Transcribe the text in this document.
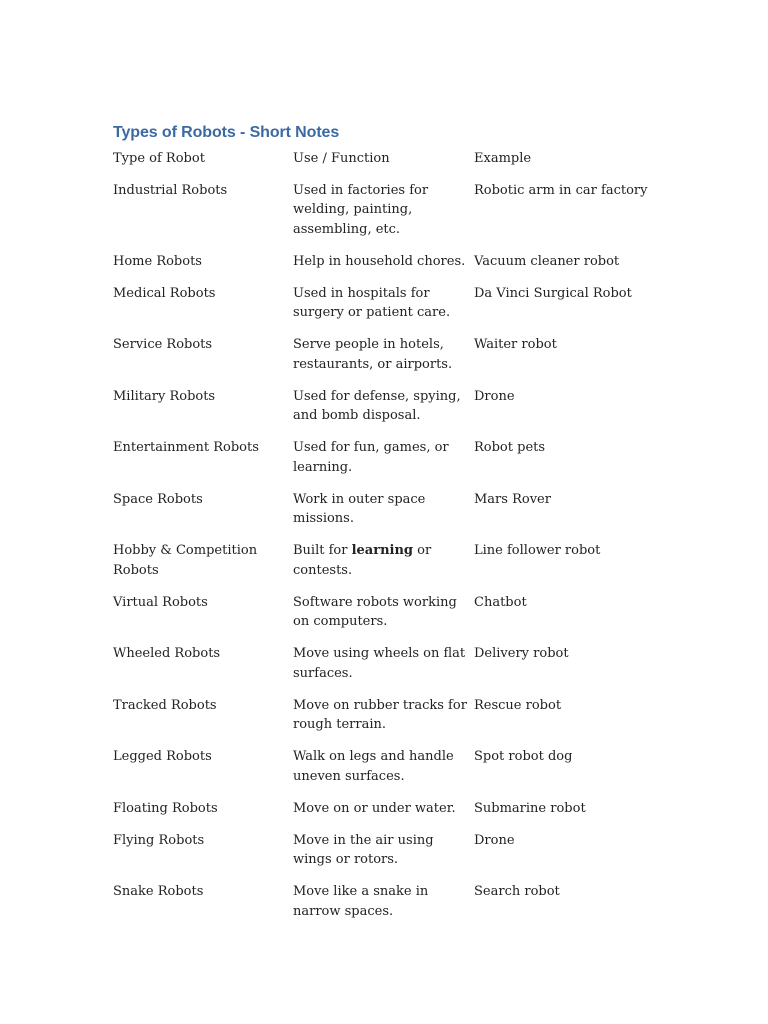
Types of Robots - Short Notes
Type of Robot	Use / Function	Example
Industrial Robots	Used in factories for welding, painting, assembling, etc.	Robotic arm in car factory
Home Robots	Help in household chores.	Vacuum cleaner robot
Medical Robots	Used in hospitals for surgery or patient care.	Da Vinci Surgical Robot
Service Robots	Serve people in hotels, restaurants, or airports.	Waiter robot
Military Robots	Used for defense, spying, and bomb disposal.	Drone
Entertainment Robots	Used for fun, games, or learning.	Robot pets
Space Robots	Work in outer space missions.	Mars Rover
Hobby & Competition Robots	Built for learning or contests.	Line follower robot
Virtual Robots	Software robots working on computers.	Chatbot
Wheeled Robots	Move using wheels on flat surfaces.	Delivery robot
Tracked Robots	Move on rubber tracks for rough terrain.	Rescue robot
Legged Robots	Walk on legs and handle uneven surfaces.	Spot robot dog
Floating Robots	Move on or under water.	Submarine robot
Flying Robots	Move in the air using wings or rotors.	Drone
Snake Robots	Move like a snake in narrow spaces.	Search robot
